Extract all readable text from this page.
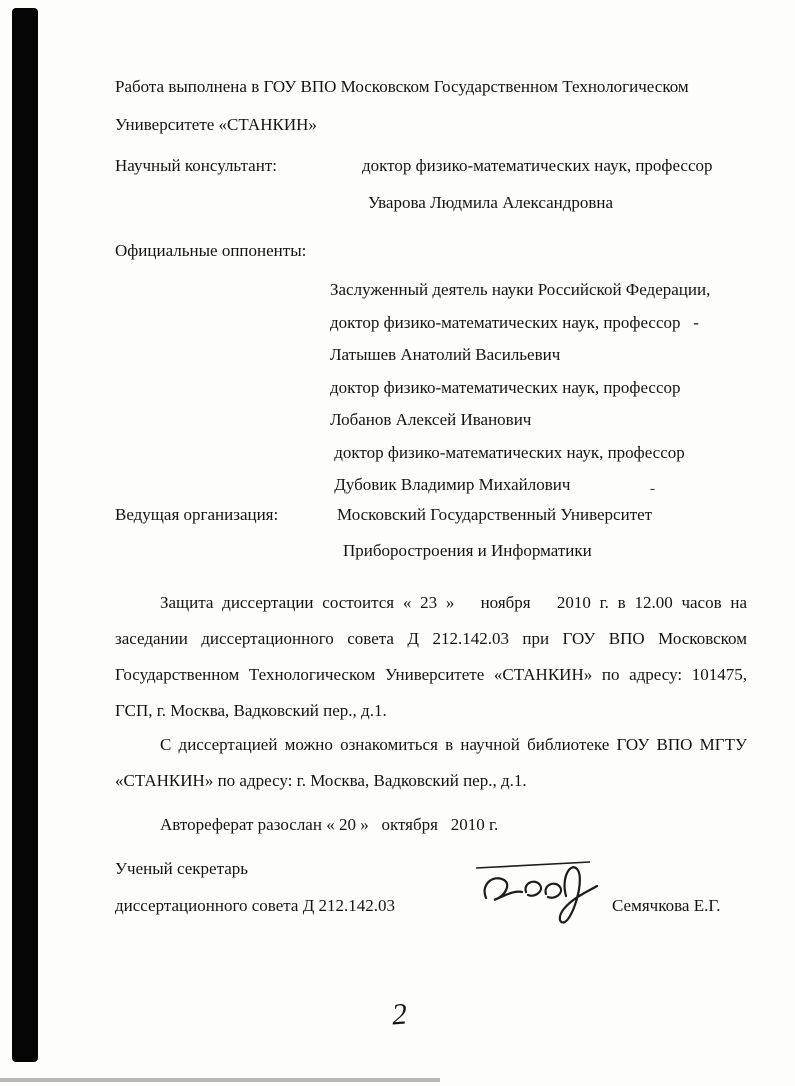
Работа выполнена в ГОУ ВПО Московском Государственном Технологическом Университете «СТАНКИН»
Научный консультант:	доктор физико-математических наук, профессор
Уварова Людмила Александровна
Официальные оппоненты:
Заслуженный деятель науки Российской Федерации,
доктор физико-математических наук, профессор   -
Латышев Анатолий Васильевич
доктор физико-математических наук, профессор
Лобанов Алексей Иванович
доктор физико-математических наук, профессор
Дубовик Владимир Михайлович	-
Ведущая организация:	Московский Государственный Университет
Приборостроения и Информатики
Защита диссертации состоится « 23 »   ноября   2010 г. в 12.00 часов на заседании диссертационного совета Д 212.142.03 при ГОУ ВПО Московском Государственном Технологическом Университете «СТАНКИН» по адресу: 101475, ГСП, г. Москва, Вадковский пер., д.1.
С диссертацией можно ознакомиться в научной библиотеке ГОУ ВПО МГТУ «СТАНКИН» по адресу: г. Москва, Вадковский пер., д.1.
Автореферат разослан « 20 »   октября   2010 г.
Ученый секретарь
диссертационного совета Д 212.142.03	Семячкова Е.Г.
2
